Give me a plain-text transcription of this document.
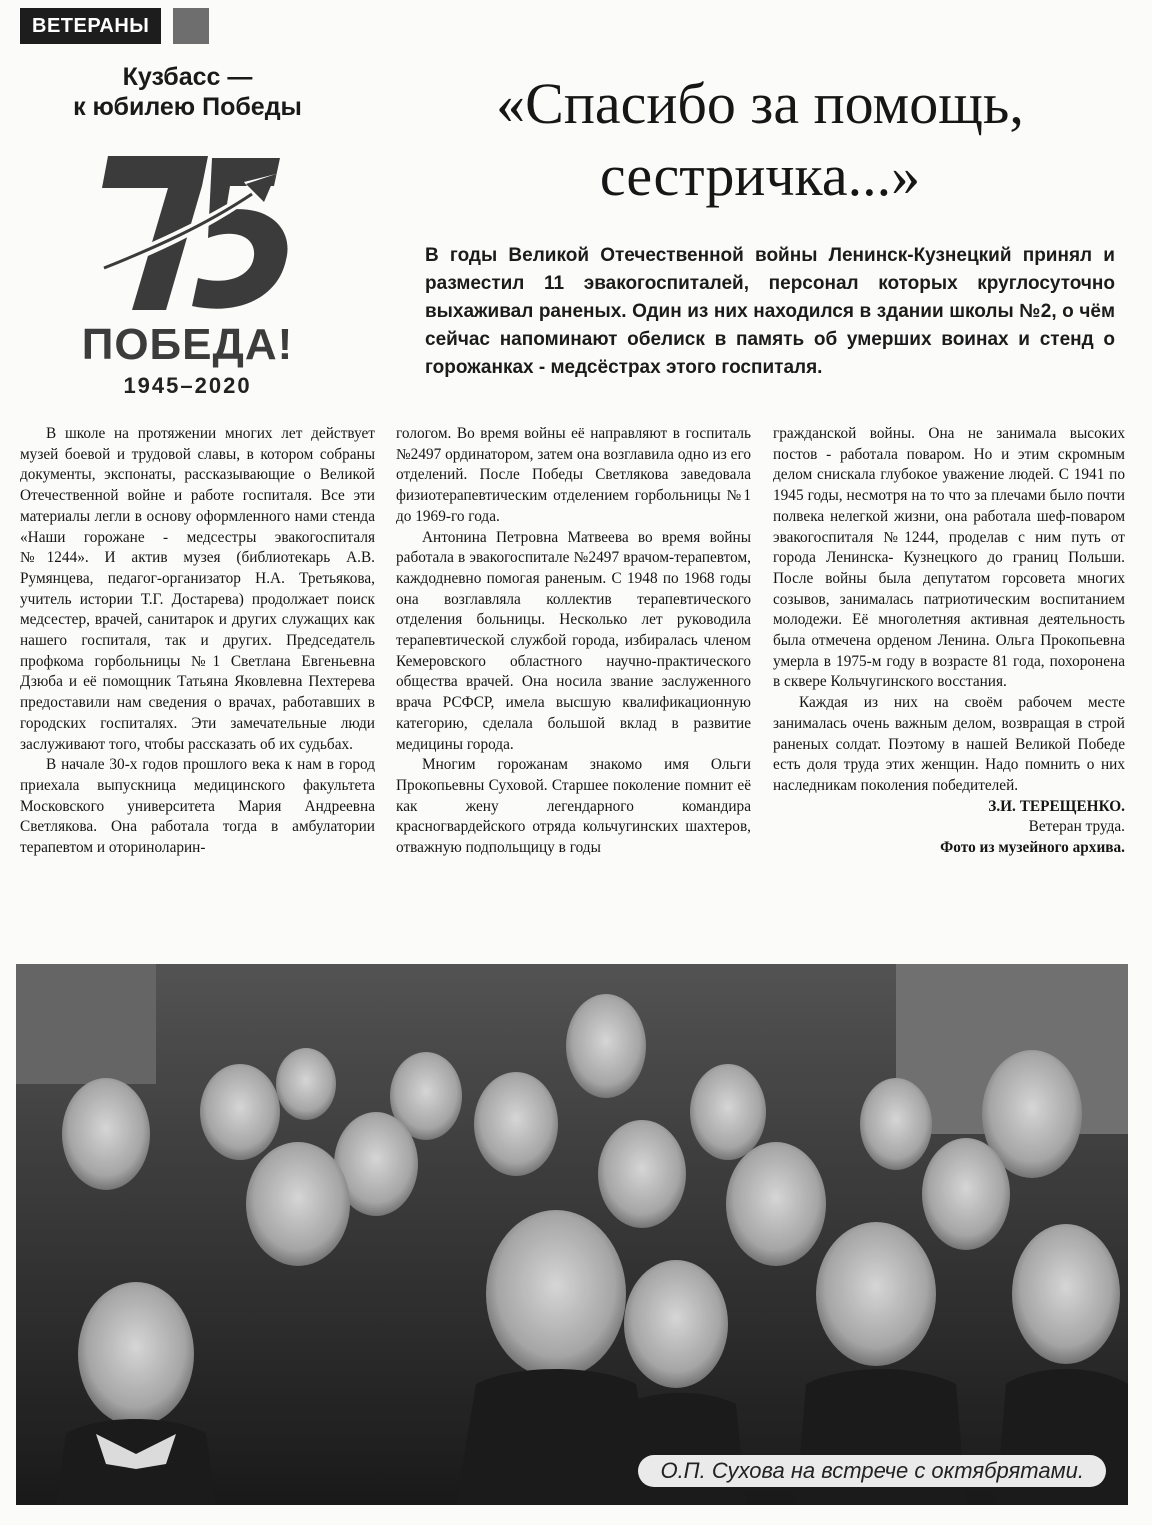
ВЕТЕРАНЫ
Кузбасс —
к юбилею Победы
ПОБЕДА!
1945–2020
«Спасибо за помощь,
сестричка...»

В годы Великой Отечественной войны Ленинск-Кузнецкий принял и разместил 11 эвакогоспиталей, персонал которых круглосуточно выхаживал раненых. Один из них находился в здании школы №2, о чём сейчас напоминают обелиск в память об умерших воинах и стенд о горожанках - медсёстрах этого госпиталя.

В школе на протяжении многих лет действует музей боевой и трудовой славы, в котором собраны документы, экспонаты, рассказывающие о Великой Отечественной войне и работе госпиталя. Все эти материалы легли в основу оформленного нами стенда «Наши горожане - медсестры эвакогоспиталя №1244». И актив музея (библиотекарь А.В. Румянцева, педагог-организатор Н.А. Третьякова, учитель истории Т.Г. Достарева) продолжает поиск медсестер, врачей, санитарок и других служащих как нашего госпиталя, так и других. Председатель профкома горбольницы №1 Светлана Евгеньевна Дзюба и её помощник Татьяна Яковлевна Пехтерева предоставили нам сведения о врачах, работавших в городских госпиталях. Эти замечательные люди заслуживают того, чтобы рассказать об их судьбах.

В начале 30-х годов прошлого века к нам в город приехала выпускница медицинского факультета Московского университета Мария Андреевна Светлякова. Она работала тогда в амбулатории терапевтом и оториноларин-

гологом. Во время войны её направляют в госпиталь №2497 ординатором, затем она возглавила одно из его отделений. После Победы Светлякова заведовала физиотерапевтическим отделением горбольницы №1 до 1969-го года.

Антонина Петровна Матвеева во время войны работала в эвакогоспитале №2497 врачом-терапевтом, каждодневно помогая раненым. С 1948 по 1968 годы она возглавляла коллектив терапевтического отделения больницы. Несколько лет руководила терапевтической службой города, избиралась членом Кемеровского областного научно-практического общества врачей. Она носила звание заслуженного врача РСФСР, имела высшую квалификационную категорию, сделала большой вклад в развитие медицины города.

Многим горожанам знакомо имя Ольги Прокопьевны Суховой. Старшее поколение помнит её как жену легендарного командира красногвардейского отряда кольчугинских шахтеров, отважную подпольщицу в годы

гражданской войны. Она не занимала высоких постов - работала поваром. Но и этим скромным делом снискала глубокое уважение людей. С 1941 по 1945 годы, несмотря на то что за плечами было почти полвека нелегкой жизни, она работала шеф-поваром эвакогоспиталя №1244, проделав с ним путь от города Ленинска- Кузнецкого до границ Польши. После войны была депутатом горсовета многих созывов, занималась патриотическим воспитанием молодежи. Её многолетняя активная деятельность была отмечена орденом Ленина. Ольга Прокопьевна умерла в 1975-м году в возрасте 81 года, похоронена в сквере Кольчугинского восстания.

Каждая из них на своём рабочем месте занималась очень важным делом, возвращая в строй раненых солдат. Поэтому в нашей Великой Победе есть доля труда этих женщин. Надо помнить о них наследникам поколения победителей.

З.И. ТЕРЕЩЕНКО.

Ветеран труда.

Фото из музейного архива.

О.П. Сухова на встрече с октябрятами.
